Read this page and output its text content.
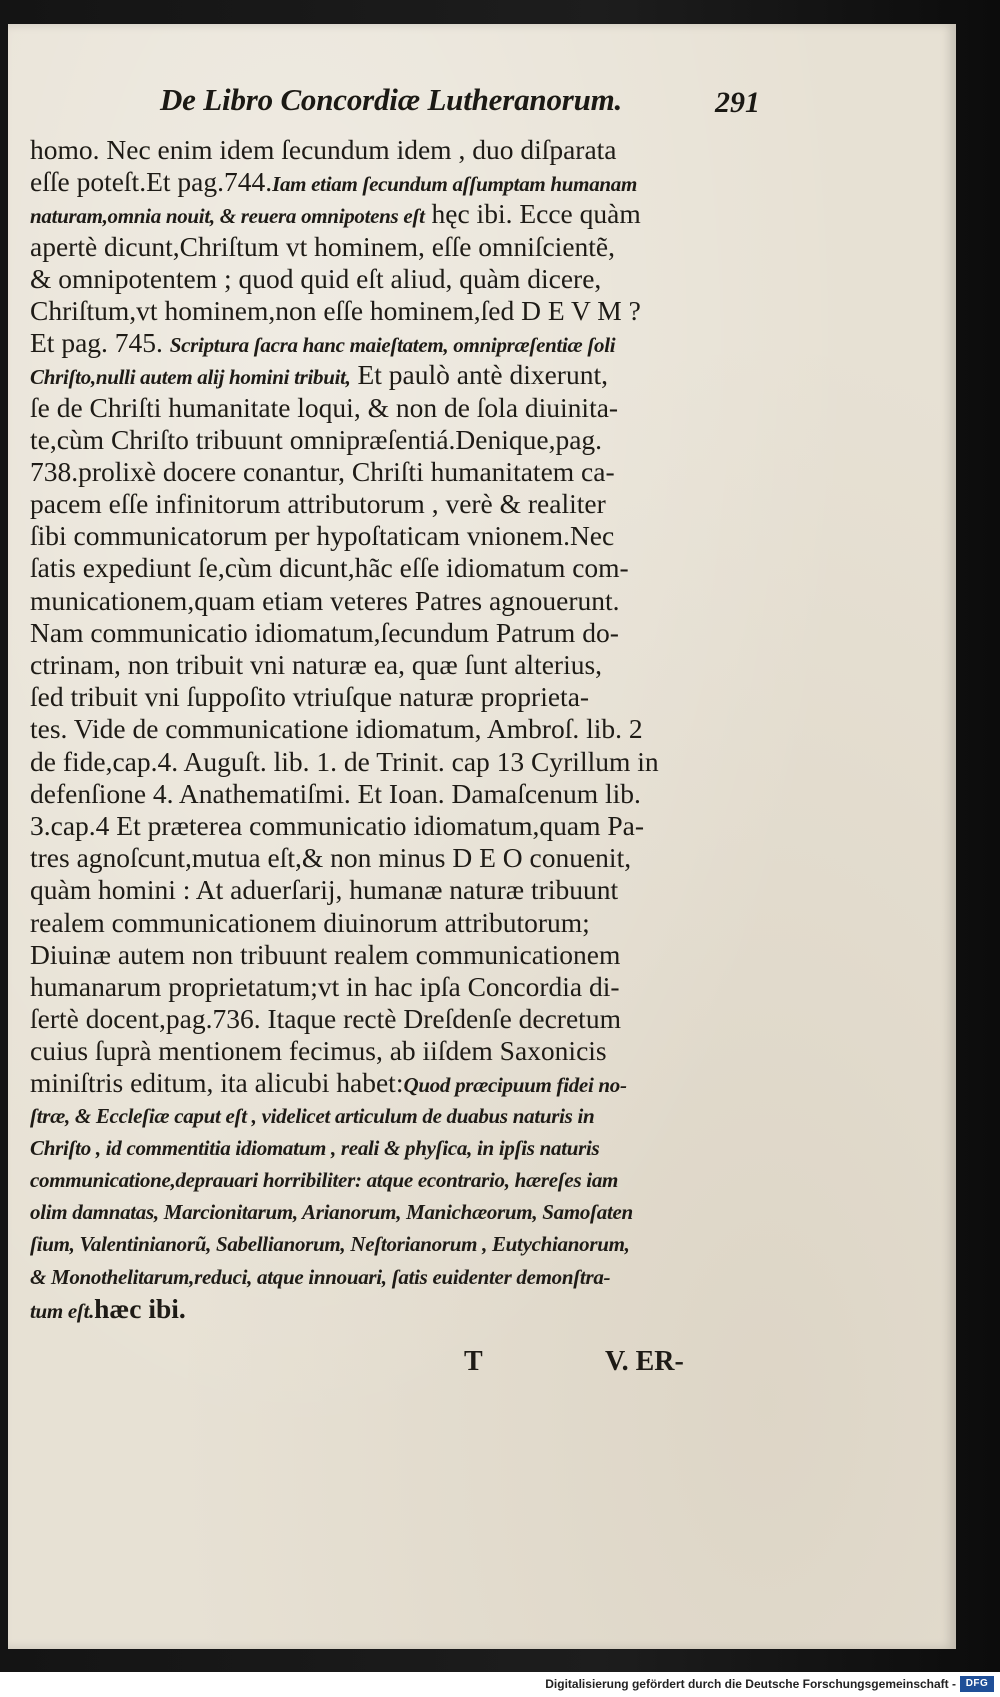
De Libro Concordiæ Lutheranorum.	291
homo. Nec enim idem ſecundum idem , duo diſparata
eſſe poteſt.Et pag.744.Iam etiam ſecundum aſſumptam humanam
naturam,omnia nouit, & reuera omnipotens eſt hęc ibi. Ecce quàm
apertè dicunt,Chriſtum vt hominem, eſſe omniſcientẽ,
& omnipotentem ; quod quid eſt aliud, quàm dicere,
Chriſtum,vt hominem,non eſſe hominem,ſed D E V M ?
Et pag. 745. Scriptura ſacra hanc maieſtatem, omnipræſentiæ ſoli
Chriſto,nulli autem alij homini tribuit, Et paulò antè dixerunt,
ſe de Chriſti humanitate loqui, & non de ſola diuinita-
te,cùm Chriſto tribuunt omnipræſentiá.Denique,pag.
738.prolixè docere conantur, Chriſti humanitatem ca-
pacem eſſe infinitorum attributorum , verè & realiter
ſibi communicatorum per hypoſtaticam vnionem.Nec
ſatis expediunt ſe,cùm dicunt,hãc eſſe idiomatum com-
municationem,quam etiam veteres Patres agnouerunt.
Nam communicatio idiomatum,ſecundum Patrum do-
ctrinam, non tribuit vni naturæ ea, quæ ſunt alterius,
ſed tribuit vni ſuppoſito vtriuſque naturæ proprieta-
tes. Vide de communicatione idiomatum, Ambroſ. lib. 2
de fide,cap.4. Auguſt. lib. 1. de Trinit. cap 13 Cyrillum in
defenſione 4. Anathematiſmi. Et Ioan. Damaſcenum lib.
3.cap.4 Et præterea communicatio idiomatum,quam Pa-
tres agnoſcunt,mutua eſt,& non minus D E O conuenit,
quàm homini : At aduerſarij, humanæ naturæ tribuunt
realem communicationem diuinorum attributorum;
Diuinæ autem non tribuunt realem communicationem
humanarum proprietatum;vt in hac ipſa Concordia di-
ſertè docent,pag.736. Itaque rectè Dreſdenſe decretum
cuius ſuprà mentionem fecimus, ab iiſdem Saxonicis
miniſtris editum, ita alicubi habet:Quod præcipuum fidei no-
ſtræ, & Eccleſiæ caput eſt , videlicet articulum de duabus naturis in
Chriſto , id commentitia idiomatum , reali & phyſica, in ipſis naturis
communicatione,deprauari horribiliter: atque econtrario, hæreſes iam
olim damnatas, Marcionitarum, Arianorum, Manichæorum, Samoſaten
ſium, Valentinianorũ, Sabellianorum, Neſtorianorum , Eutychianorum,
& Monothelitarum,reduci, atque innouari, ſatis euidenter demonſtra-
tum eſt.hæc ibi.
T	V. ER-
Digitalisierung gefördert durch die Deutsche Forschungsgemeinschaft - DFG
